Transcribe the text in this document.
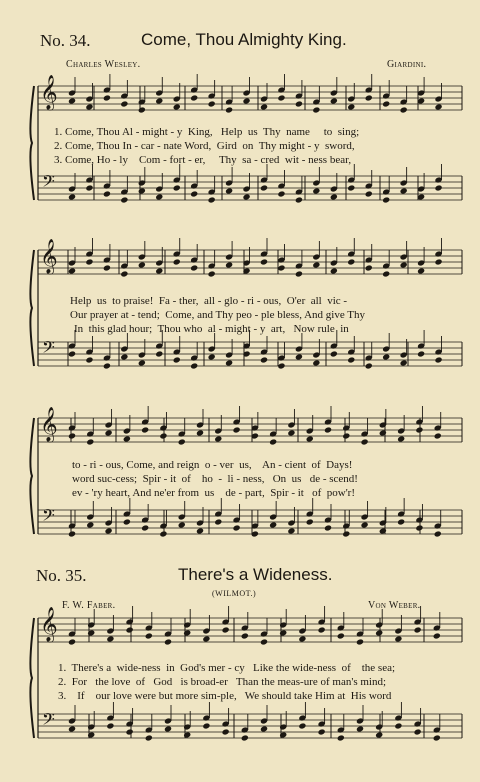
𝄞
𝄢
𝄞
𝄢
𝄞
𝄢
𝄞
𝄢
No. 34.	Come, Thou Almighty King.
Charles Wesley.	Giardini.
1. Come, Thou Al - might - y  King,   Help  us  Thy  name     to  sing;
2. Come, Thou In - car - nate Word,  Gird  on  Thy might - y  sword,
3. Come, Ho - ly    Com - fort - er,     Thy  sa - cred  wit - ness bear,
Help  us  to praise!  Fa - ther,  all - glo - ri - ous,  O'er  all  vic -
Our prayer at - tend;  Come, and Thy peo - ple bless, And give Thy
In  this glad hour;  Thou who  al - might - y  art,   Now rule  in
to - ri - ous, Come, and reign  o - ver  us,    An - cient  of  Days!
word suc-cess;  Spir - it  of    ho  -  li - ness,   On  us   de - scend!
ev - 'ry heart, And ne'er from  us    de - part,  Spir - it   of  pow'r!
No. 35.	There's a Wideness.
(WILMOT.)
F. W. Faber.	Von Weber.
1.  There's a  wide-ness  in  God's mer - cy   Like the wide-ness  of    the sea;
2.  For   the love  of   God   is broad-er   Than the meas-ure of man's mind;
3.    If    our love were but more sim-ple,   We should take Him at  His word
